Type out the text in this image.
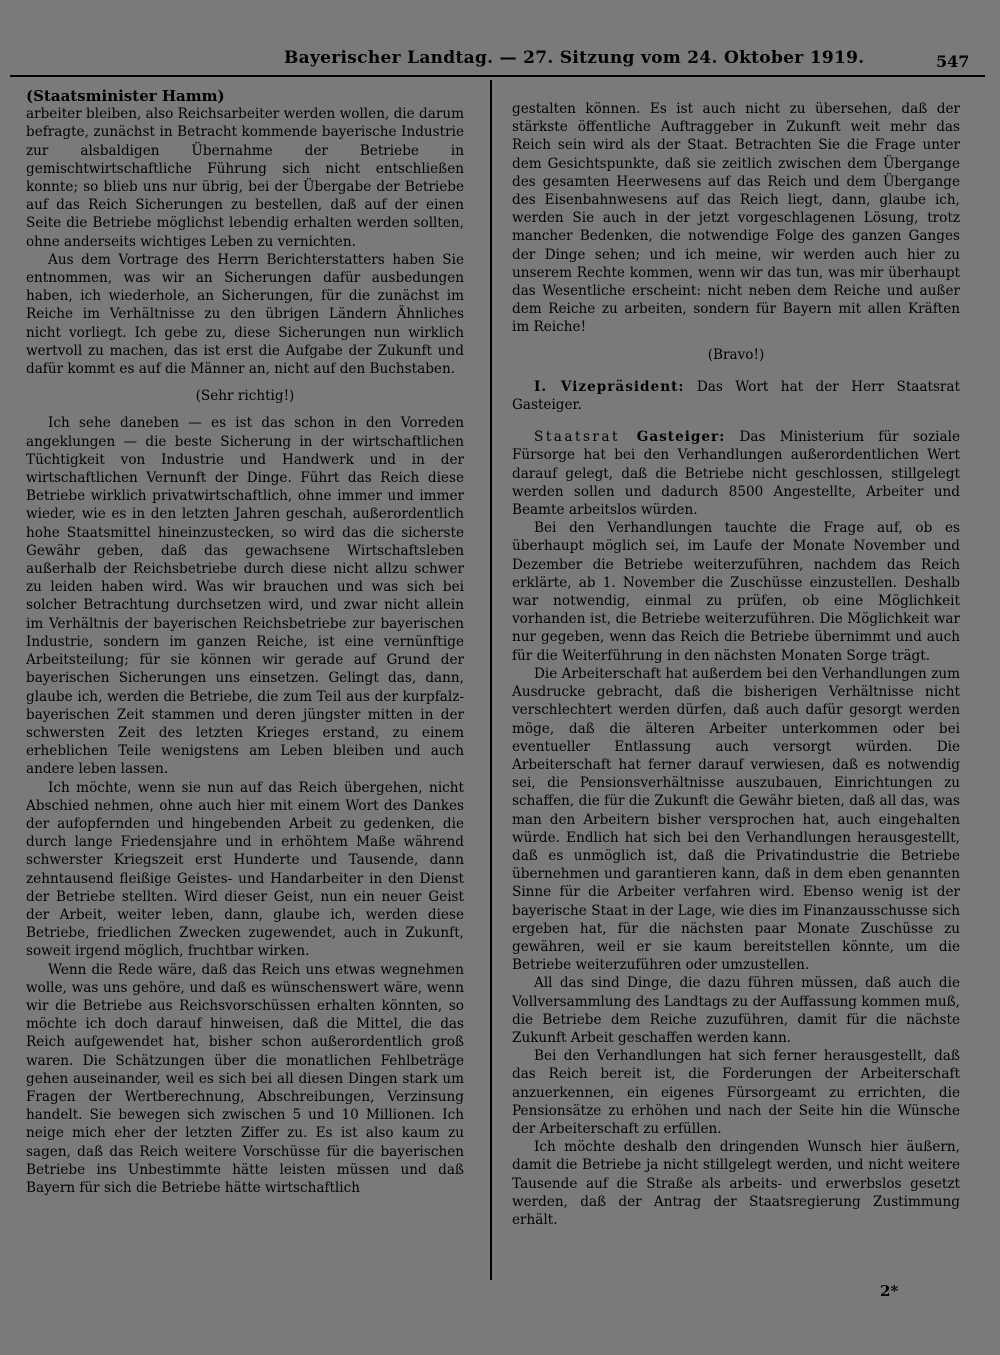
Bayerischer Landtag. — 27. Sitzung vom 24. Oktober 1919.	547

(Staatsminister Hamm)

arbeiter bleiben, also Reichsarbeiter werden wollen, die darum befragte, zunächst in Betracht kommende bayerische Industrie zur alsbaldigen Übernahme der Betriebe in gemischtwirtschaftliche Führung sich nicht entschließen konnte; so blieb uns nur übrig, bei der Übergabe der Betriebe auf das Reich Sicherungen zu bestellen, daß auf der einen Seite die Betriebe möglichst lebendig erhalten werden sollten, ohne anderseits wichtiges Leben zu vernichten.

Aus dem Vortrage des Herrn Berichterstatters haben Sie entnommen, was wir an Sicherungen dafür ausbedungen haben, ich wiederhole, an Sicherungen, für die zunächst im Reiche im Verhältnisse zu den übrigen Ländern Ähnliches nicht vorliegt. Ich gebe zu, diese Sicherungen nun wirklich wertvoll zu machen, das ist erst die Aufgabe der Zukunft und dafür kommt es auf die Männer an, nicht auf den Buchstaben.

(Sehr richtig!)

Ich sehe daneben — es ist das schon in den Vorreden angeklungen — die beste Sicherung in der wirtschaftlichen Tüchtigkeit von Industrie und Handwerk und in der wirtschaftlichen Vernunft der Dinge. Führt das Reich diese Betriebe wirklich privatwirtschaftlich, ohne immer und immer wieder, wie es in den letzten Jahren geschah, außerordentlich hohe Staatsmittel hineinzustecken, so wird das die sicherste Gewähr geben, daß das gewachsene Wirtschaftsleben außerhalb der Reichsbetriebe durch diese nicht allzu schwer zu leiden haben wird. Was wir brauchen und was sich bei solcher Betrachtung durchsetzen wird, und zwar nicht allein im Verhältnis der bayerischen Reichsbetriebe zur bayerischen Industrie, sondern im ganzen Reiche, ist eine vernünftige Arbeitsteilung; für sie können wir gerade auf Grund der bayerischen Sicherungen uns einsetzen. Gelingt das, dann, glaube ich, werden die Betriebe, die zum Teil aus der kurpfalz-bayerischen Zeit stammen und deren jüngster mitten in der schwersten Zeit des letzten Krieges erstand, zu einem erheblichen Teile wenigstens am Leben bleiben und auch andere leben lassen.

Ich möchte, wenn sie nun auf das Reich übergehen, nicht Abschied nehmen, ohne auch hier mit einem Wort des Dankes der aufopfernden und hingebenden Arbeit zu gedenken, die durch lange Friedensjahre und in erhöhtem Maße während schwerster Kriegszeit erst Hunderte und Tausende, dann zehntausend fleißige Geistes- und Handarbeiter in den Dienst der Betriebe stellten. Wird dieser Geist, nun ein neuer Geist der Arbeit, weiter leben, dann, glaube ich, werden diese Betriebe, friedlichen Zwecken zugewendet, auch in Zukunft, soweit irgend möglich, fruchtbar wirken.

Wenn die Rede wäre, daß das Reich uns etwas wegnehmen wolle, was uns gehöre, und daß es wünschenswert wäre, wenn wir die Betriebe aus Reichsvorschüssen erhalten könnten, so möchte ich doch darauf hinweisen, daß die Mittel, die das Reich aufgewendet hat, bisher schon außerordentlich groß waren. Die Schätzungen über die monatlichen Fehlbeträge gehen auseinander, weil es sich bei all diesen Dingen stark um Fragen der Wertberechnung, Abschreibungen, Verzinsung handelt. Sie bewegen sich zwischen 5 und 10 Millionen. Ich neige mich eher der letzten Ziffer zu. Es ist also kaum zu sagen, daß das Reich weitere Vorschüsse für die bayerischen Betriebe ins Unbestimmte hätte leisten müssen und daß Bayern für sich die Betriebe hätte wirtschaftlich

gestalten können. Es ist auch nicht zu übersehen, daß der stärkste öffentliche Auftraggeber in Zukunft weit mehr das Reich sein wird als der Staat. Betrachten Sie die Frage unter dem Gesichtspunkte, daß sie zeitlich zwischen dem Übergange des gesamten Heerwesens auf das Reich und dem Übergange des Eisenbahnwesens auf das Reich liegt, dann, glaube ich, werden Sie auch in der jetzt vorgeschlagenen Lösung, trotz mancher Bedenken, die notwendige Folge des ganzen Ganges der Dinge sehen; und ich meine, wir werden auch hier zu unserem Rechte kommen, wenn wir das tun, was mir überhaupt das Wesentliche erscheint: nicht neben dem Reiche und außer dem Reiche zu arbeiten, sondern für Bayern mit allen Kräften im Reiche!

(Bravo!)

I. Vizepräsident: Das Wort hat der Herr Staatsrat Gasteiger.

Staatsrat Gasteiger: Das Ministerium für soziale Fürsorge hat bei den Verhandlungen außerordentlichen Wert darauf gelegt, daß die Betriebe nicht geschlossen, stillgelegt werden sollen und dadurch 8500 Angestellte, Arbeiter und Beamte arbeitslos würden.

Bei den Verhandlungen tauchte die Frage auf, ob es überhaupt möglich sei, im Laufe der Monate November und Dezember die Betriebe weiterzuführen, nachdem das Reich erklärte, ab 1. November die Zuschüsse einzustellen. Deshalb war notwendig, einmal zu prüfen, ob eine Möglichkeit vorhanden ist, die Betriebe weiterzuführen. Die Möglichkeit war nur gegeben, wenn das Reich die Betriebe übernimmt und auch für die Weiterführung in den nächsten Monaten Sorge trägt.

Die Arbeiterschaft hat außerdem bei den Verhandlungen zum Ausdrucke gebracht, daß die bisherigen Verhältnisse nicht verschlechtert werden dürfen, daß auch dafür gesorgt werden möge, daß die älteren Arbeiter unterkommen oder bei eventueller Entlassung auch versorgt würden. Die Arbeiterschaft hat ferner darauf verwiesen, daß es notwendig sei, die Pensionsverhältnisse auszubauen, Einrichtungen zu schaffen, die für die Zukunft die Gewähr bieten, daß all das, was man den Arbeitern bisher versprochen hat, auch eingehalten würde. Endlich hat sich bei den Verhandlungen herausgestellt, daß es unmöglich ist, daß die Privatindustrie die Betriebe übernehmen und garantieren kann, daß in dem eben genannten Sinne für die Arbeiter verfahren wird. Ebenso wenig ist der bayerische Staat in der Lage, wie dies im Finanzausschusse sich ergeben hat, für die nächsten paar Monate Zuschüsse zu gewähren, weil er sie kaum bereitstellen könnte, um die Betriebe weiterzuführen oder umzustellen.

All das sind Dinge, die dazu führen müssen, daß auch die Vollversammlung des Landtags zu der Auffassung kommen muß, die Betriebe dem Reiche zuzuführen, damit für die nächste Zukunft Arbeit geschaffen werden kann.

Bei den Verhandlungen hat sich ferner herausgestellt, daß das Reich bereit ist, die Forderungen der Arbeiterschaft anzuerkennen, ein eigenes Fürsorgeamt zu errichten, die Pensionsätze zu erhöhen und nach der Seite hin die Wünsche der Arbeiterschaft zu erfüllen.

Ich möchte deshalb den dringenden Wunsch hier äußern, damit die Betriebe ja nicht stillgelegt werden, und nicht weitere Tausende auf die Straße als arbeits- und erwerbslos gesetzt werden, daß der Antrag der Staatsregierung Zustimmung erhält.

2*
